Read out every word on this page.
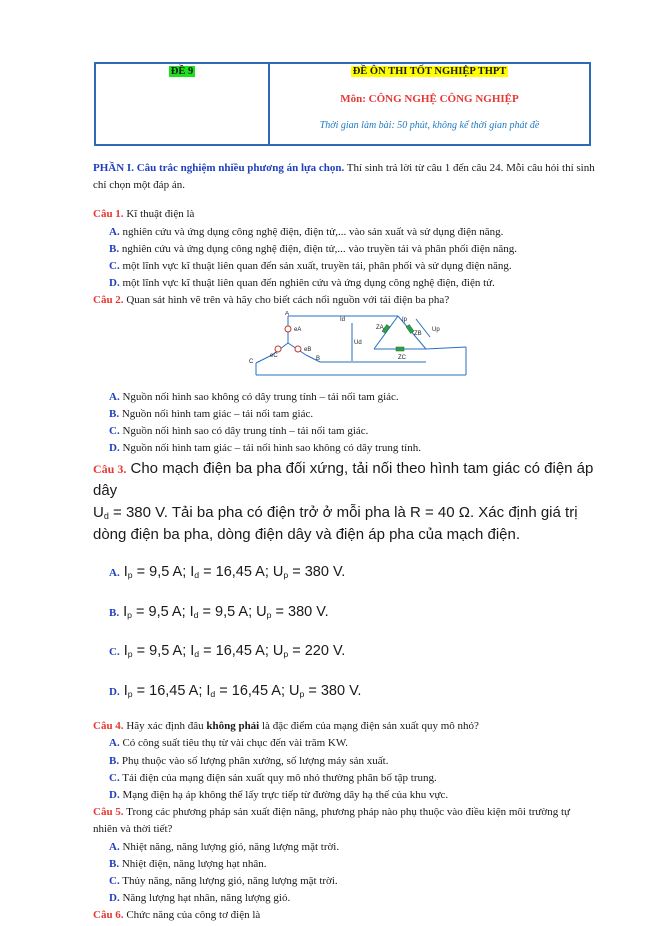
ĐỀ 9	ĐỀ ÔN THI TỐT NGHIỆP THPT
Môn: CÔNG NGHỆ CÔNG NGHIỆP
Thời gian làm bài: 50 phút, không kể thời gian phát đề

PHẦN I. Câu trắc nghiệm nhiều phương án lựa chọn. Thí sinh trả lời từ câu 1 đến câu 24. Mỗi câu hỏi thí sinh chỉ chọn một đáp án.

Câu 1. Kĩ thuật điện là

A. nghiên cứu và ứng dụng công nghệ điện, điện tử,... vào sản xuất và sử dụng điện năng.

B. nghiên cứu và ứng dụng công nghệ điện, điện tử,... vào truyền tải và phân phối điện năng.

C. một lĩnh vực kĩ thuật liên quan đến sản xuất, truyền tải, phân phối và sử dụng điện năng.

D. một lĩnh vực kĩ thuật liên quan đến nghiên cứu và ứng dụng công nghệ điện, điện tử.

Câu 2. Quan sát hình vẽ trên và hãy cho biết cách nối nguồn với tải điện ba pha?

A
B
C
eA
eB
eC
Id
Ud
Ip
Up
ZA
ZB
ZC

A. Nguồn nối hình sao không có dây trung tính – tải nối tam giác.

B. Nguồn nối hình tam giác – tải nối tam giác.

C. Nguồn nối hình sao có dây trung tính – tải nối tam giác.

D. Nguồn nối hình tam giác – tải nối hình sao không có dây trung tính.

Câu 3. Cho mạch điện ba pha đối xứng, tải nối theo hình tam giác có điện áp dây
$U_d = 380$ V. Tải ba pha có điện trở ở mỗi pha là R = 40 Ω. Xác định giá trị dòng điện ba pha, dòng điện dây và điện áp pha của mạch điện.

A. $I_p = 9,5$ A; $I_d = 16,45$ A; $U_p = 380$ V.

B. $I_p = 9,5$ A; $I_d = 9,5$ A; $U_p = 380$ V.

C. $I_p = 9,5$ A; $I_d = 16,45$ A; $U_p = 220$ V.

D. $I_p = 16,45$ A; $I_d = 16,45$ A; $U_p = 380$ V.

Câu 4. Hãy xác định đâu không phải là đặc điểm của mạng điện sản xuất quy mô nhỏ?

A. Có công suất tiêu thụ từ vài chục đến vài trăm KW.

B. Phụ thuộc vào số lượng phân xưởng, số lượng máy sản xuất.

C. Tải điện của mạng điện sản xuất quy mô nhỏ thường phân bố tập trung.

D. Mạng điện hạ áp không thể lấy trực tiếp từ đường dây hạ thế của khu vực.

Câu 5. Trong các phương pháp sản xuất điện năng, phương pháp nào phụ thuộc vào điều kiện môi trường tự nhiên và thời tiết?

A. Nhiệt năng, năng lượng gió, năng lượng mặt trời.

B. Nhiệt điện, năng lượng hạt nhân.

C. Thủy năng, năng lượng gió, năng lượng mặt trời.

D. Năng lượng hạt nhân, năng lượng gió.

Câu 6. Chức năng của công tơ điện là
